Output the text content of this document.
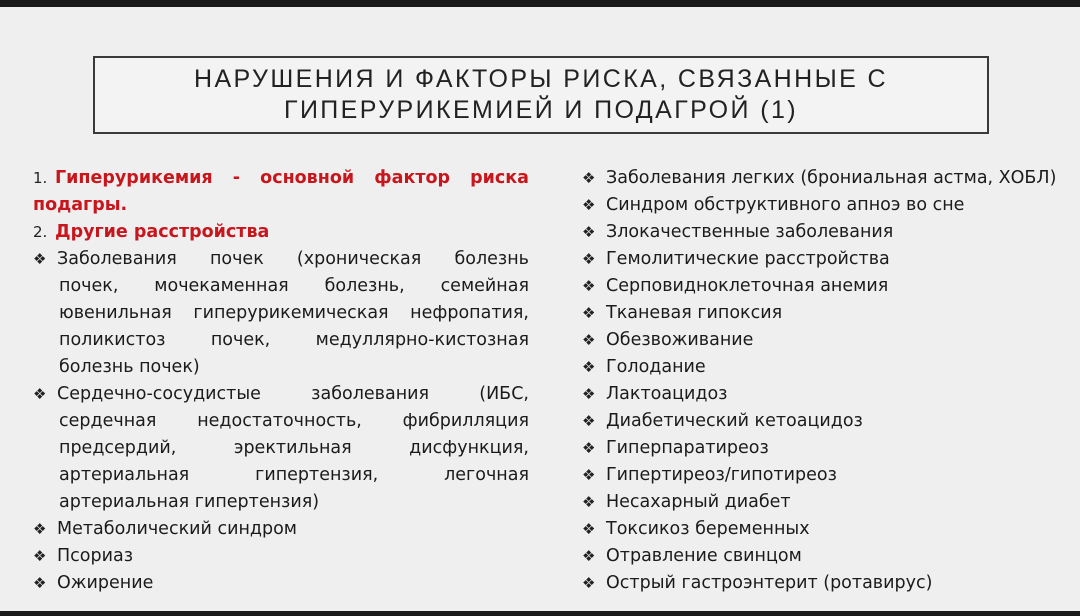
НАРУШЕНИЯ И ФАКТОРЫ РИСКА, СВЯЗАННЫЕ С
ГИПЕРУРИКЕМИЕЙ И ПОДАГРОЙ (1)
1. Гиперурикемия - основной фактор риска
подагры.
2. Другие расстройства
❖ Заболевания почек (хроническая болезнь
почек, мочекаменная болезнь, семейная
ювенильная гиперурикемическая нефропатия,
поликистоз	почек,	медуллярно-кистозная
болезнь почек)
❖ Сердечно-сосудистые	заболевания	(ИБС,
сердечная недостаточность, фибрилляция
предсердий,	эректильная	дисфункция,
артериальная	гипертензия,	легочная
артериальная гипертензия)
❖ Метаболический синдром
❖ Псориаз
❖ Ожирение
❖ Заболевания легких (брониальная астма, ХОБЛ)
❖ Синдром обструктивного апноэ во сне
❖ Злокачественные заболевания
❖ Гемолитические расстройства
❖ Серповидноклеточная анемия
❖ Тканевая гипоксия
❖ Обезвоживание
❖ Голодание
❖ Лактоацидоз
❖ Диабетический кетоацидоз
❖ Гиперпаратиреоз
❖ Гипертиреоз/гипотиреоз
❖ Несахарный диабет
❖ Токсикоз беременных
❖ Отравление свинцом
❖ Острый гастроэнтерит (ротавирус)
